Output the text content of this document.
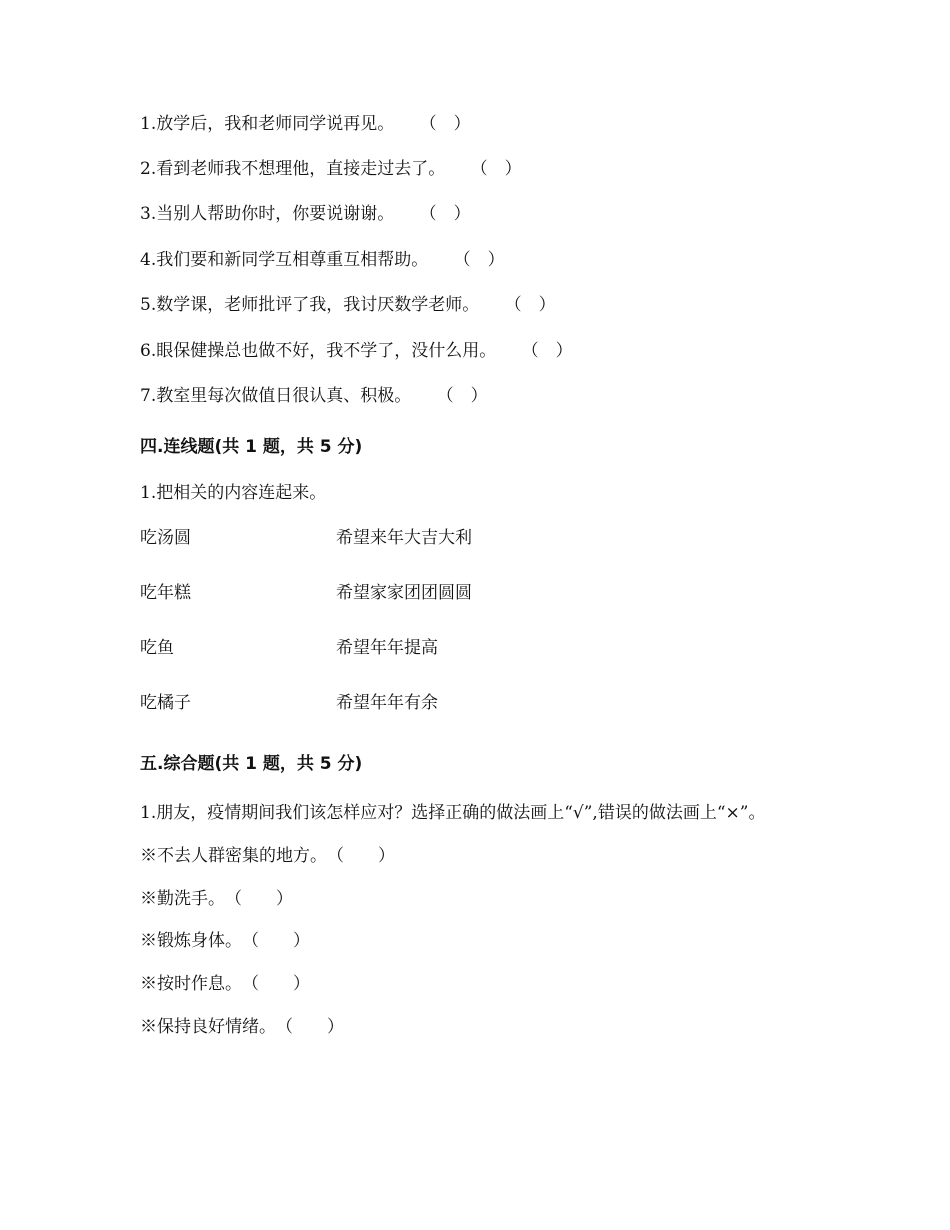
1.放学后，我和老师同学说再见。 （　）
2.看到老师我不想理他，直接走过去了。 （　）
3.当别人帮助你时，你要说谢谢。 （　）
4.我们要和新同学互相尊重互相帮助。 （　）
5.数学课，老师批评了我，我讨厌数学老师。 （　）
6.眼保健操总也做不好，我不学了，没什么用。 （　）
7.教室里每次做值日很认真、积极。 （　）
四.连线题(共 1 题，共 5 分)
1.把相关的内容连起来。
吃汤圆	希望来年大吉大利
吃年糕	希望家家团团圆圆
吃鱼	希望年年提高
吃橘子	希望年年有余
五.综合题(共 1 题，共 5 分)
1.朋友，疫情期间我们该怎样应对？选择正确的做法画上“√”,错误的做法画上“×”。
※不去人群密集的地方。（　　）
※勤洗手。（　　）
※锻炼身体。（　　）
※按时作息。（　　）
※保持良好情绪。（　　）
